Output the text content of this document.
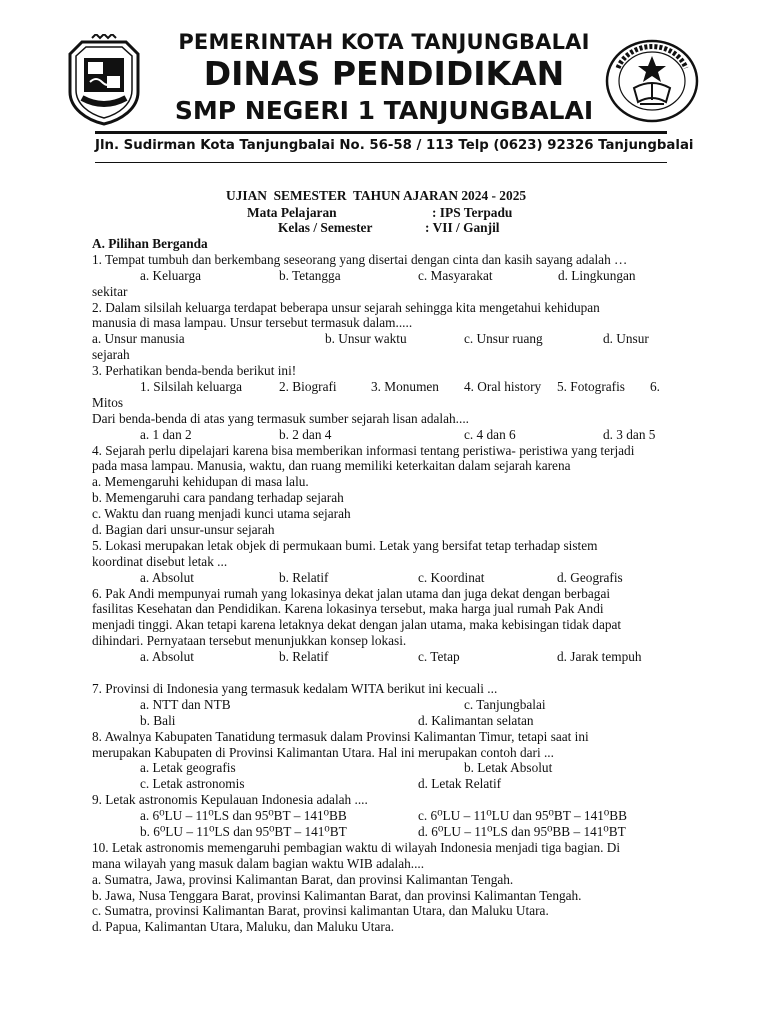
PEMERINTAH KOTA TANJUNGBALAI
DINAS PENDIDIKAN
SMP NEGERI 1 TANJUNGBALAI
Jln. Sudirman Kota Tanjungbalai No. 56-58 / 113 Telp (0623) 92326 Tanjungbalai
UJIAN  SEMESTER  TAHUN AJARAN 2024 - 2025
Mata Pelajaran	: IPS Terpadu
Kelas / Semester	: VII / Ganjil
A. Pilihan Berganda
1. Tempat tumbuh dan berkembang seseorang yang disertai dengan cinta dan kasih sayang adalah …
a. Keluarga	b. Tetangga	c. Masyarakat	d. Lingkungan
sekitar
2. Dalam silsilah keluarga terdapat beberapa unsur sejarah sehingga kita mengetahui kehidupan
manusia di masa lampau. Unsur tersebut termasuk dalam.....
a. Unsur manusia	b. Unsur waktu	c. Unsur ruang	d. Unsur
sejarah
3. Perhatikan benda-benda berikut ini!
1. Silsilah keluarga	2. Biografi	3. Monumen 4. Oral history 5. Fotografis 6.
Mitos
Dari benda-benda di atas yang termasuk sumber sejarah lisan adalah....
a. 1 dan 2	b. 2 dan 4	c. 4 dan 6	d. 3 dan 5
4. Sejarah perlu dipelajari karena bisa memberikan informasi tentang peristiwa- peristiwa yang terjadi
pada masa lampau. Manusia, waktu, dan ruang memiliki keterkaitan dalam sejarah karena
a. Memengaruhi kehidupan di masa lalu.
b. Memengaruhi cara pandang terhadap sejarah
c. Waktu dan ruang menjadi kunci utama sejarah
d. Bagian dari unsur-unsur sejarah
5. Lokasi merupakan letak objek di permukaan bumi. Letak yang bersifat tetap terhadap sistem
koordinat disebut letak ...
a. Absolut	b. Relatif	c. Koordinat	d. Geografis
6. Pak Andi mempunyai rumah yang lokasinya dekat jalan utama dan juga dekat dengan berbagai
fasilitas Kesehatan dan Pendidikan. Karena lokasinya tersebut, maka harga jual rumah Pak Andi
menjadi tinggi. Akan tetapi karena letaknya dekat dengan jalan utama, maka kebisingan tidak dapat
dihindari. Pernyataan tersebut menunjukkan konsep lokasi.
a. Absolut	b. Relatif	c. Tetap	d. Jarak tempuh
7. Provinsi di Indonesia yang termasuk kedalam WITA berikut ini kecuali ...
a. NTT dan NTB	c. Tanjungbalai
b. Bali	d. Kalimantan selatan
8. Awalnya Kabupaten Tanatidung termasuk dalam Provinsi Kalimantan Timur, tetapi saat ini
merupakan Kabupaten di Provinsi Kalimantan Utara. Hal ini merupakan contoh dari ...
a. Letak geografis	b. Letak Absolut
c. Letak astronomis	d. Letak Relatif
9. Letak astronomis Kepulauan Indonesia adalah ....
a. 6⁰LU – 11⁰LS dan 95⁰BT – 141⁰BB	c. 6⁰LU – 11⁰LU dan 95⁰BT – 141⁰BB
b. 6⁰LU – 11⁰LS dan 95⁰BT – 141⁰BT	d. 6⁰LU – 11⁰LS dan 95⁰BB – 141⁰BT
10. Letak astronomis memengaruhi pembagian waktu di wilayah Indonesia menjadi tiga bagian. Di
mana wilayah yang masuk dalam bagian waktu WIB adalah....
a. Sumatra, Jawa, provinsi Kalimantan Barat, dan provinsi Kalimantan Tengah.
b. Jawa, Nusa Tenggara Barat, provinsi Kalimantan Barat, dan provinsi Kalimantan Tengah.
c. Sumatra, provinsi Kalimantan Barat, provinsi kalimantan Utara, dan Maluku Utara.
d. Papua, Kalimantan Utara, Maluku, dan Maluku Utara.
